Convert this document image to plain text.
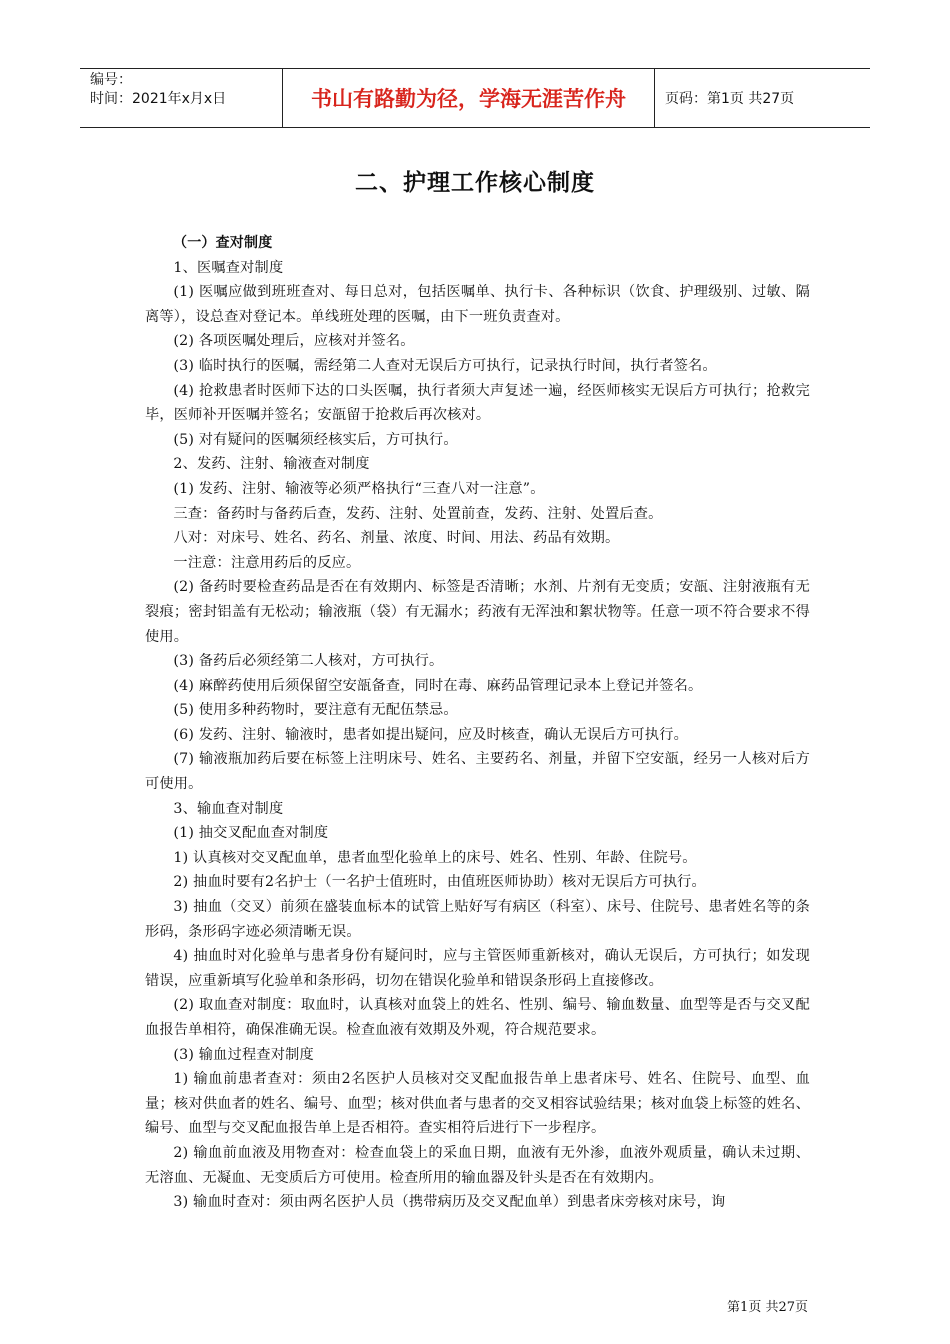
编号：
时间：2021年x月x日	书山有路勤为径，学海无涯苦作舟	页码：第1页 共27页
二、护理工作核心制度

（一）查对制度

1、医嘱查对制度

(1) 医嘱应做到班班查对、每日总对，包括医嘱单、执行卡、各种标识（饮食、护理级别、过敏、隔离等），设总查对登记本。单线班处理的医嘱，由下一班负责查对。

(2) 各项医嘱处理后，应核对并签名。

(3) 临时执行的医嘱，需经第二人查对无误后方可执行，记录执行时间，执行者签名。

(4) 抢救患者时医师下达的口头医嘱，执行者须大声复述一遍，经医师核实无误后方可执行；抢救完毕，医师补开医嘱并签名；安瓿留于抢救后再次核对。

(5) 对有疑问的医嘱须经核实后，方可执行。

2、发药、注射、输液查对制度

(1) 发药、注射、输液等必须严格执行“三查八对一注意”。

三查：备药时与备药后查，发药、注射、处置前查，发药、注射、处置后查。

八对：对床号、姓名、药名、剂量、浓度、时间、用法、药品有效期。

一注意：注意用药后的反应。

(2) 备药时要检查药品是否在有效期内、标签是否清晰；水剂、片剂有无变质；安瓿、注射液瓶有无裂痕；密封铝盖有无松动；输液瓶（袋）有无漏水；药液有无浑浊和絮状物等。任意一项不符合要求不得使用。

(3) 备药后必须经第二人核对，方可执行。

(4) 麻醉药使用后须保留空安瓿备查，同时在毒、麻药品管理记录本上登记并签名。

(5) 使用多种药物时，要注意有无配伍禁忌。

(6) 发药、注射、输液时，患者如提出疑问，应及时核查，确认无误后方可执行。

(7) 输液瓶加药后要在标签上注明床号、姓名、主要药名、剂量，并留下空安瓿，经另一人核对后方可使用。

3、输血查对制度

(1) 抽交叉配血查对制度

1) 认真核对交叉配血单，患者血型化验单上的床号、姓名、性别、年龄、住院号。

2) 抽血时要有2名护士（一名护士值班时，由值班医师协助）核对无误后方可执行。

3) 抽血（交叉）前须在盛装血标本的试管上贴好写有病区（科室）、床号、住院号、患者姓名等的条形码，条形码字迹必须清晰无误。

4) 抽血时对化验单与患者身份有疑问时，应与主管医师重新核对，确认无误后，方可执行；如发现错误，应重新填写化验单和条形码，切勿在错误化验单和错误条形码上直接修改。

(2) 取血查对制度：取血时，认真核对血袋上的姓名、性别、编号、输血数量、血型等是否与交叉配血报告单相符，确保准确无误。检查血液有效期及外观，符合规范要求。

(3) 输血过程查对制度

1) 输血前患者查对：须由2名医护人员核对交叉配血报告单上患者床号、姓名、住院号、血型、血量；核对供血者的姓名、编号、血型；核对供血者与患者的交叉相容试验结果；核对血袋上标签的姓名、编号、血型与交叉配血报告单上是否相符。查实相符后进行下一步程序。

2) 输血前血液及用物查对：检查血袋上的采血日期，血液有无外渗，血液外观质量，确认未过期、无溶血、无凝血、无变质后方可使用。检查所用的输血器及针头是否在有效期内。

3) 输血时查对：须由两名医护人员（携带病历及交叉配血单）到患者床旁核对床号，询

第1页 共27页
